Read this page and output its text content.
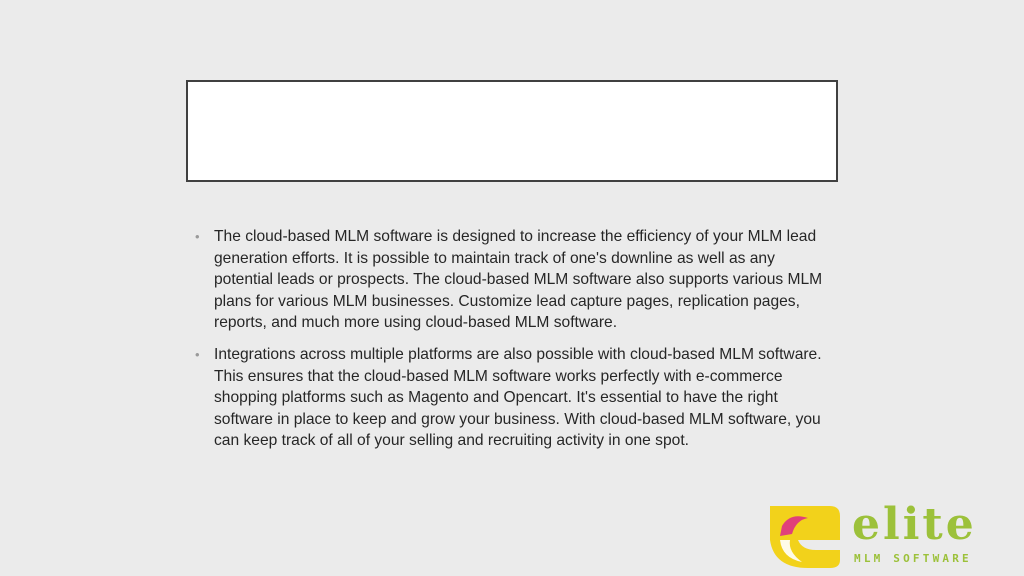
• The cloud-based MLM software is designed to increase the efficiency of your MLM lead generation efforts. It is possible to maintain track of one's downline as well as any potential leads or prospects. The cloud-based MLM software also supports various MLM plans for various MLM businesses. Customize lead capture pages, replication pages, reports, and much more using cloud-based MLM software.
• Integrations across multiple platforms are also possible with cloud-based MLM software. This ensures that the cloud-based MLM software works perfectly with e-commerce shopping platforms such as Magento and Opencart. It's essential to have the right software in place to keep and grow your business. With cloud-based MLM software, you can keep track of all of your selling and recruiting activity in one spot.
elite
MLM SOFTWARE
